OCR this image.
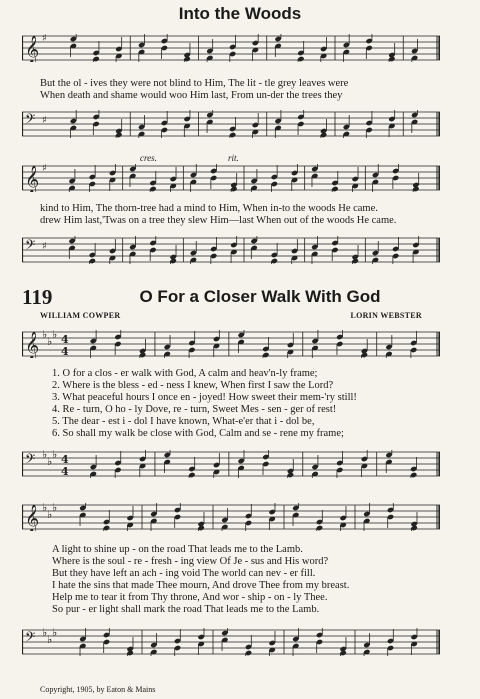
Into the Woods
𝄞 ♯
But the ol - ives they were not blind to Him, The lit - tle grey leaves were
When death and shame would woo Him last, From un-der the trees they
𝄢 ♯
cres.	rit.
𝄞 ♯
kind to Him, The thorn-tree had a mind to Him, When in-to the woods He came.
drew Him last,'Twas on a tree they slew Him—last When out of the woods He came.
𝄢 ♯
119	O For a Closer Walk With God
WILLIAM COWPER	LORIN WEBSTER
𝄞 ♭
♭
♭ 4
4
1. O for a clos - er walk with God, A calm and heav'n-ly frame;
2. Where is the bless - ed - ness I knew, When first I saw the Lord?
3. What peaceful hours I once en - joyed! How sweet their mem-'ry still!
4. Re - turn, O ho - ly Dove, re - turn, Sweet Mes - sen - ger of rest!
5. The dear - est i - dol I have known, What-e'er that i - dol be,
6. So shall my walk be close with God, Calm and se - rene my frame;
𝄢 ♭
♭
♭ 4
4
𝄞 ♭
♭
♭
A light to shine up - on the road That leads me to the Lamb.
Where is the soul - re - fresh - ing view Of Je - sus and His word?
But they have left an ach - ing void The world can nev - er fill.
I hate the sins that made Thee mourn, And drove Thee from my breast.
Help me to tear it from Thy throne, And wor - ship - on - ly Thee.
So pur - er light shall mark the road That leads me to the Lamb.
𝄢 ♭
♭
♭
Copyright, 1905, by Eaton & Mains
